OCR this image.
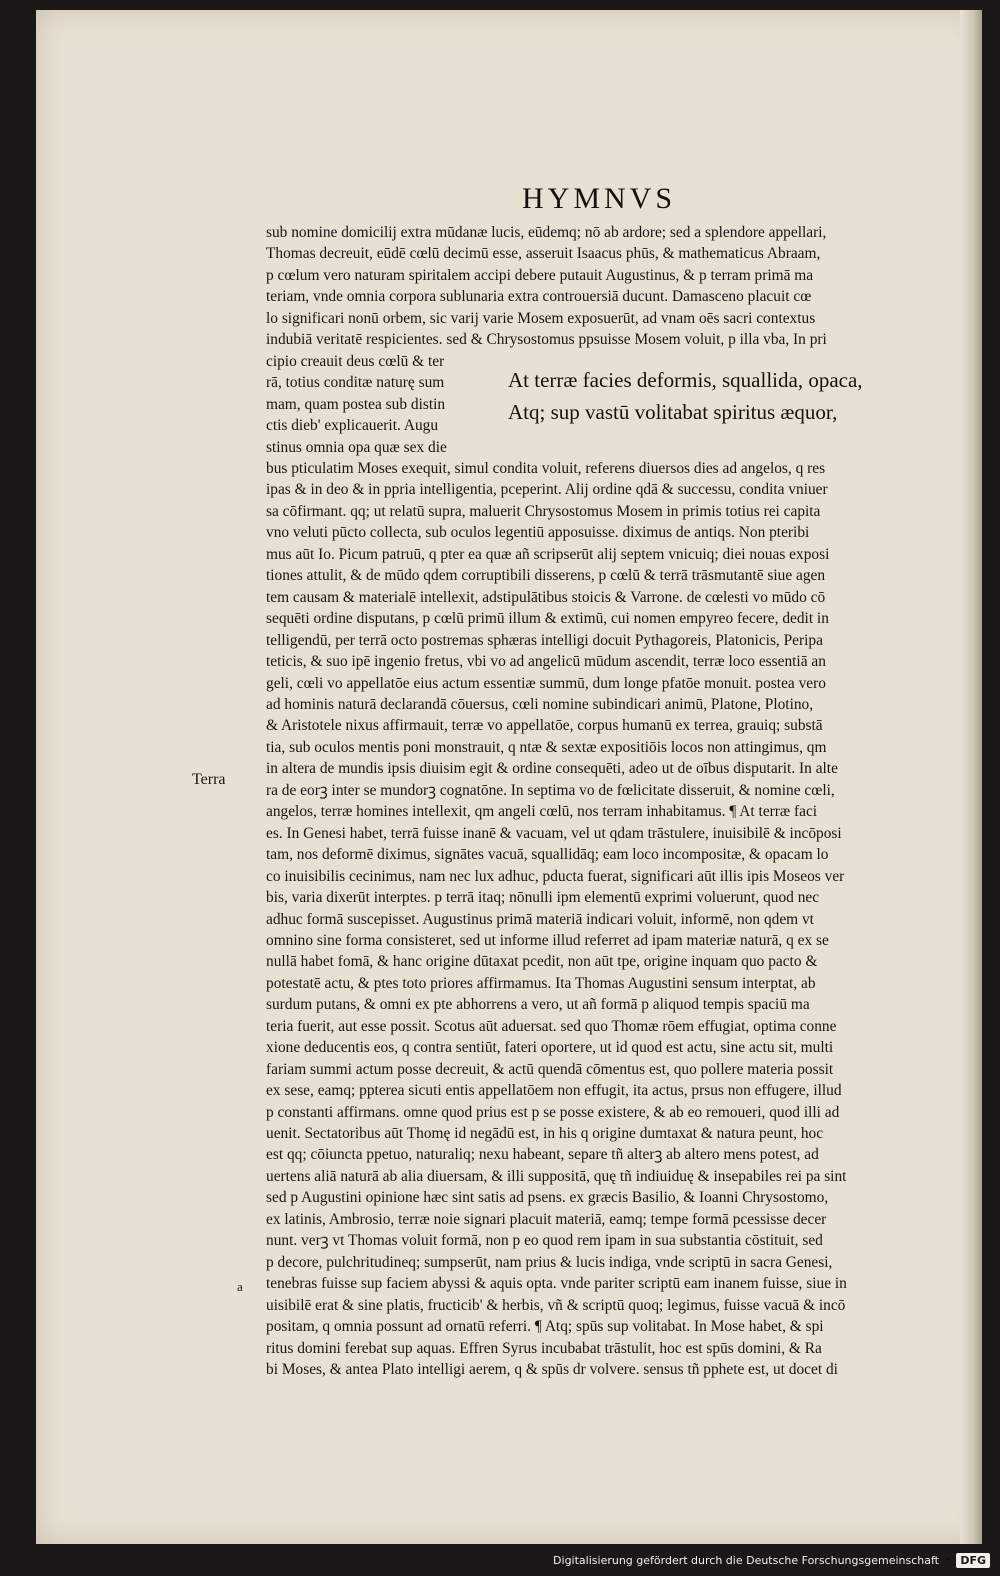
HYMNVS
sub nomine domicilij extra mūdanæ lucis, eūdemq; nō ab ardore; sed a splendore appellari,
Thomas decreuit, eūdē cœlū decimū esse, asseruit Isaacus phūs, & mathematicus Abraam,
p cœlum vero naturam spiritalem accipi debere putauit Augustinus, & p terram primā ma
teriam, vnde omnia corpora sublunaria extra controuersiā ducunt. Damasceno placuit cœ
lo significari nonū orbem, sic varij varie Mosem exposuerūt, ad vnam oēs sacri contextus
indubiā veritatē respicientes. sed & Chrysostomus ppsuisse Mosem voluit, p illa vba, In pri
cipio creauit deus cœlū & ter
rā, totius conditæ naturę sum
mam, quam postea sub distin
ctis dieb' explicauerit. Augu
stinus omnia opa quæ sex die
bus pticulatim Moses exequit, simul condita voluit, referens diuersos dies ad angelos, q res
ipas & in deo & in ppria intelligentia, pceperint. Alij ordine qdā & successu, condita vniuer
sa cōfirmant. qq; ut relatū supra, maluerit Chrysostomus Mosem in primis totius rei capita
vno veluti pūcto collecta, sub oculos legentiū apposuisse. diximus de antiqs. Non pteribi
mus aūt Io. Picum patruū, q pter ea quæ añ scripserūt alij septem vnicuiq; diei nouas exposi
tiones attulit, & de mūdo qdem corruptibili disserens, p cœlū & terrā trāsmutantē siue agen
tem causam & materialē intellexit, adstipulātibus stoicis & Varrone. de cœlesti vo mūdo cō
sequēti ordine disputans, p cœlū primū illum & extimū, cui nomen empyreo fecere, dedit in
telligendū, per terrā octo postremas sphæras intelligi docuit Pythagoreis, Platonicis, Peripa
teticis, & suo ipē ingenio fretus, vbi vo ad angelicū mūdum ascendit, terræ loco essentiā an
geli, cœli vo appellatōe eius actum essentiæ summū, dum longe pfatōe monuit. postea vero
ad hominis naturā declarandā cōuersus, cœli nomine subindicari animū, Platone, Plotino,
& Aristotele nixus affirmauit, terræ vo appellatōe, corpus humanū ex terrea, grauiq; substā
tia, sub oculos mentis poni monstrauit, q ntæ & sextæ expositiōis locos non attingimus, qm
in altera de mundis ipsis diuisim egit & ordine consequēti, adeo ut de oībus disputarit. In alte
ra de eorꝫ inter se mundorꝫ cognatōne. In septima vo de fœlicitate disseruit, & nomine cœli,
angelos, terræ homines intellexit, qm angeli cœlū, nos terram inhabitamus. ¶ At terræ faci
es. In Genesi habet, terrā fuisse inanē & vacuam, vel ut qdam trāstulere, inuisibilē & incōposi
tam, nos deformē diximus, signātes vacuā, squallidāq; eam loco incompositæ, & opacam lo
co inuisibilis cecinimus, nam nec lux adhuc, pducta fuerat, significari aūt illis ipis Moseos ver
bis, varia dixerūt interptes. p terrā itaq; nōnulli ipm elementū exprimi voluerunt, quod nec
adhuc formā suscepisset. Augustinus primā materiā indicari voluit, informē, non qdem vt
omnino sine forma consisteret, sed ut informe illud referret ad ipam materiæ naturā, q ex se
nullā habet fomā, & hanc origine dūtaxat pcedit, non aūt tpe, origine inquam quo pacto &
potestatē actu, & ptes toto priores affirmamus. Ita Thomas Augustini sensum interptat, ab
surdum putans, & omni ex pte abhorrens a vero, ut añ formā p aliquod tempis spaciū ma
teria fuerit, aut esse possit. Scotus aūt aduersat. sed quo Thomæ rōem effugiat, optima conne
xione deducentis eos, q contra sentiūt, fateri oportere, ut id quod est actu, sine actu sit, multi
fariam summi actum posse decreuit, & actū quendā cōmentus est, quo pollere materia possit
ex sese, eamq; ppterea sicuti entis appellatōem non effugit, ita actus, prsus non effugere, illud
p constanti affirmans. omne quod prius est p se posse existere, & ab eo remoueri, quod illi ad
uenit. Sectatoribus aūt Thomę id negādū est, in his q origine dumtaxat & natura peunt, hoc
est qq; cōiuncta ppetuo, naturaliq; nexu habeant, separe tñ alterꝫ ab altero mens potest, ad
uertens aliā naturā ab alia diuersam, & illi suppositā, quę tñ indiuiduę & insepabiles rei pa sint
sed p Augustini opinione hæc sint satis ad psens. ex græcis Basilio, & Ioanni Chrysostomo,
ex latinis, Ambrosio, terræ noie signari placuit materiā, eamq; tempe formā pcessisse decer
nunt. verꝫ vt Thomas voluit formā, non p eo quod rem ipam in sua substantia cōstituit, sed
p decore, pulchritudineq; sumpserūt, nam prius & lucis indiga, vnde scriptū in sacra Genesi,
tenebras fuisse sup faciem abyssi & aquis opta. vnde pariter scriptū eam inanem fuisse, siue in
uisibilē erat & sine platis, fructicib' & herbis, vñ & scriptū quoq; legimus, fuisse vacuā & incō
positam, q omnia possunt ad ornatū referri. ¶ Atq; spūs sup volitabat. In Mose habet, & spi
ritus domini ferebat sup aquas. Effren Syrus incubabat trāstulit, hoc est spūs domini, & Ra
bi Moses, & antea Plato intelligi aerem, q & spūs dr volvere. sensus tñ pphete est, ut docet di
At terræ facies deformis, squallida, opaca,
Atq; sup vastū volitabat spiritus æquor,
Terra
a
Digitalisierung gefördert durch die Deutsche Forschungsgemeinschaft · DFG
